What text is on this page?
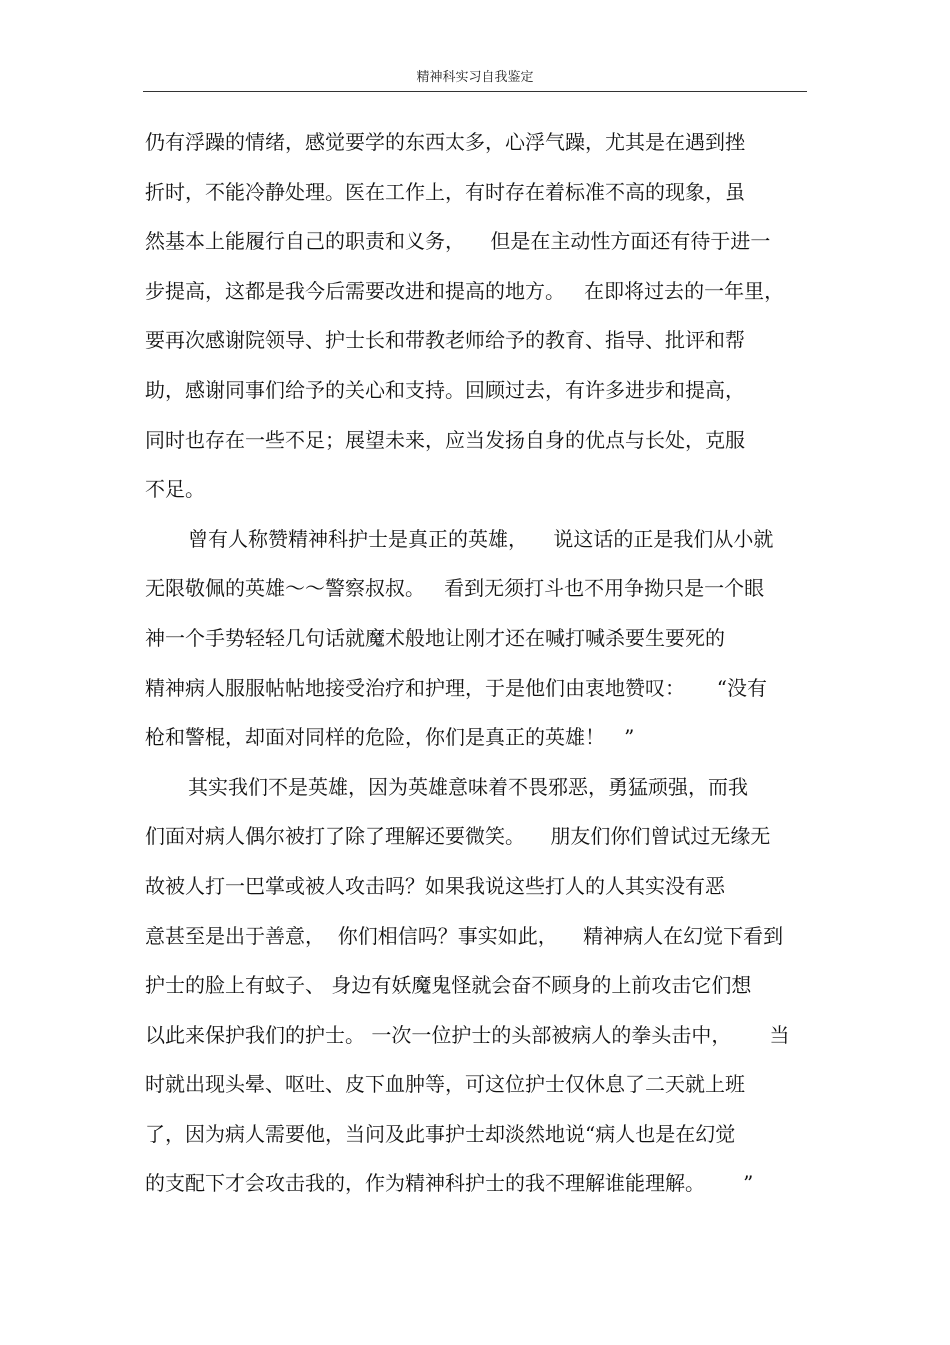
精神科实习自我鉴定
仍有浮躁的情绪，感觉要学的东西太多，心浮气躁，尤其是在遇到挫
折时，不能冷静处理。医在工作上，有时存在着标准不高的现象，虽
然基本上能履行自己的职责和义务，    但是在主动性方面还有待于进一
步提高，这都是我今后需要改进和提高的地方。   在即将过去的一年里，
要再次感谢院领导、护士长和带教老师给予的教育、指导、批评和帮
助，感谢同事们给予的关心和支持。回顾过去，有许多进步和提高，
同时也存在一些不足；展望未来，应当发扬自身的优点与长处，克服
不足。
曾有人称赞精神科护士是真正的英雄，    说这话的正是我们从小就
无限敬佩的英雄～～警察叔叔。   看到无须打斗也不用争拗只是一个眼
神一个手势轻轻几句话就魔术般地让刚才还在喊打喊杀要生要死的
精神病人服服帖帖地接受治疗和护理，于是他们由衷地赞叹：     “没有
枪和警棍，却面对同样的危险，你们是真正的英雄！   ”
其实我们不是英雄，因为英雄意味着不畏邪恶，勇猛顽强，而我
们面对病人偶尔被打了除了理解还要微笑。    朋友们你们曾试过无缘无
故被人打一巴掌或被人攻击吗？如果我说这些打人的人其实没有恶
意甚至是出于善意，  你们相信吗？事实如此，    精神病人在幻觉下看到
护士的脸上有蚊子、 身边有妖魔鬼怪就会奋不顾身的上前攻击它们想
以此来保护我们的护士。 一次一位护士的头部被病人的拳头击中，      当
时就出现头晕、呕吐、皮下血肿等，可这位护士仅休息了二天就上班
了，因为病人需要他，当问及此事护士却淡然地说“病人也是在幻觉
的支配下才会攻击我的，作为精神科护士的我不理解谁能理解。      ”
